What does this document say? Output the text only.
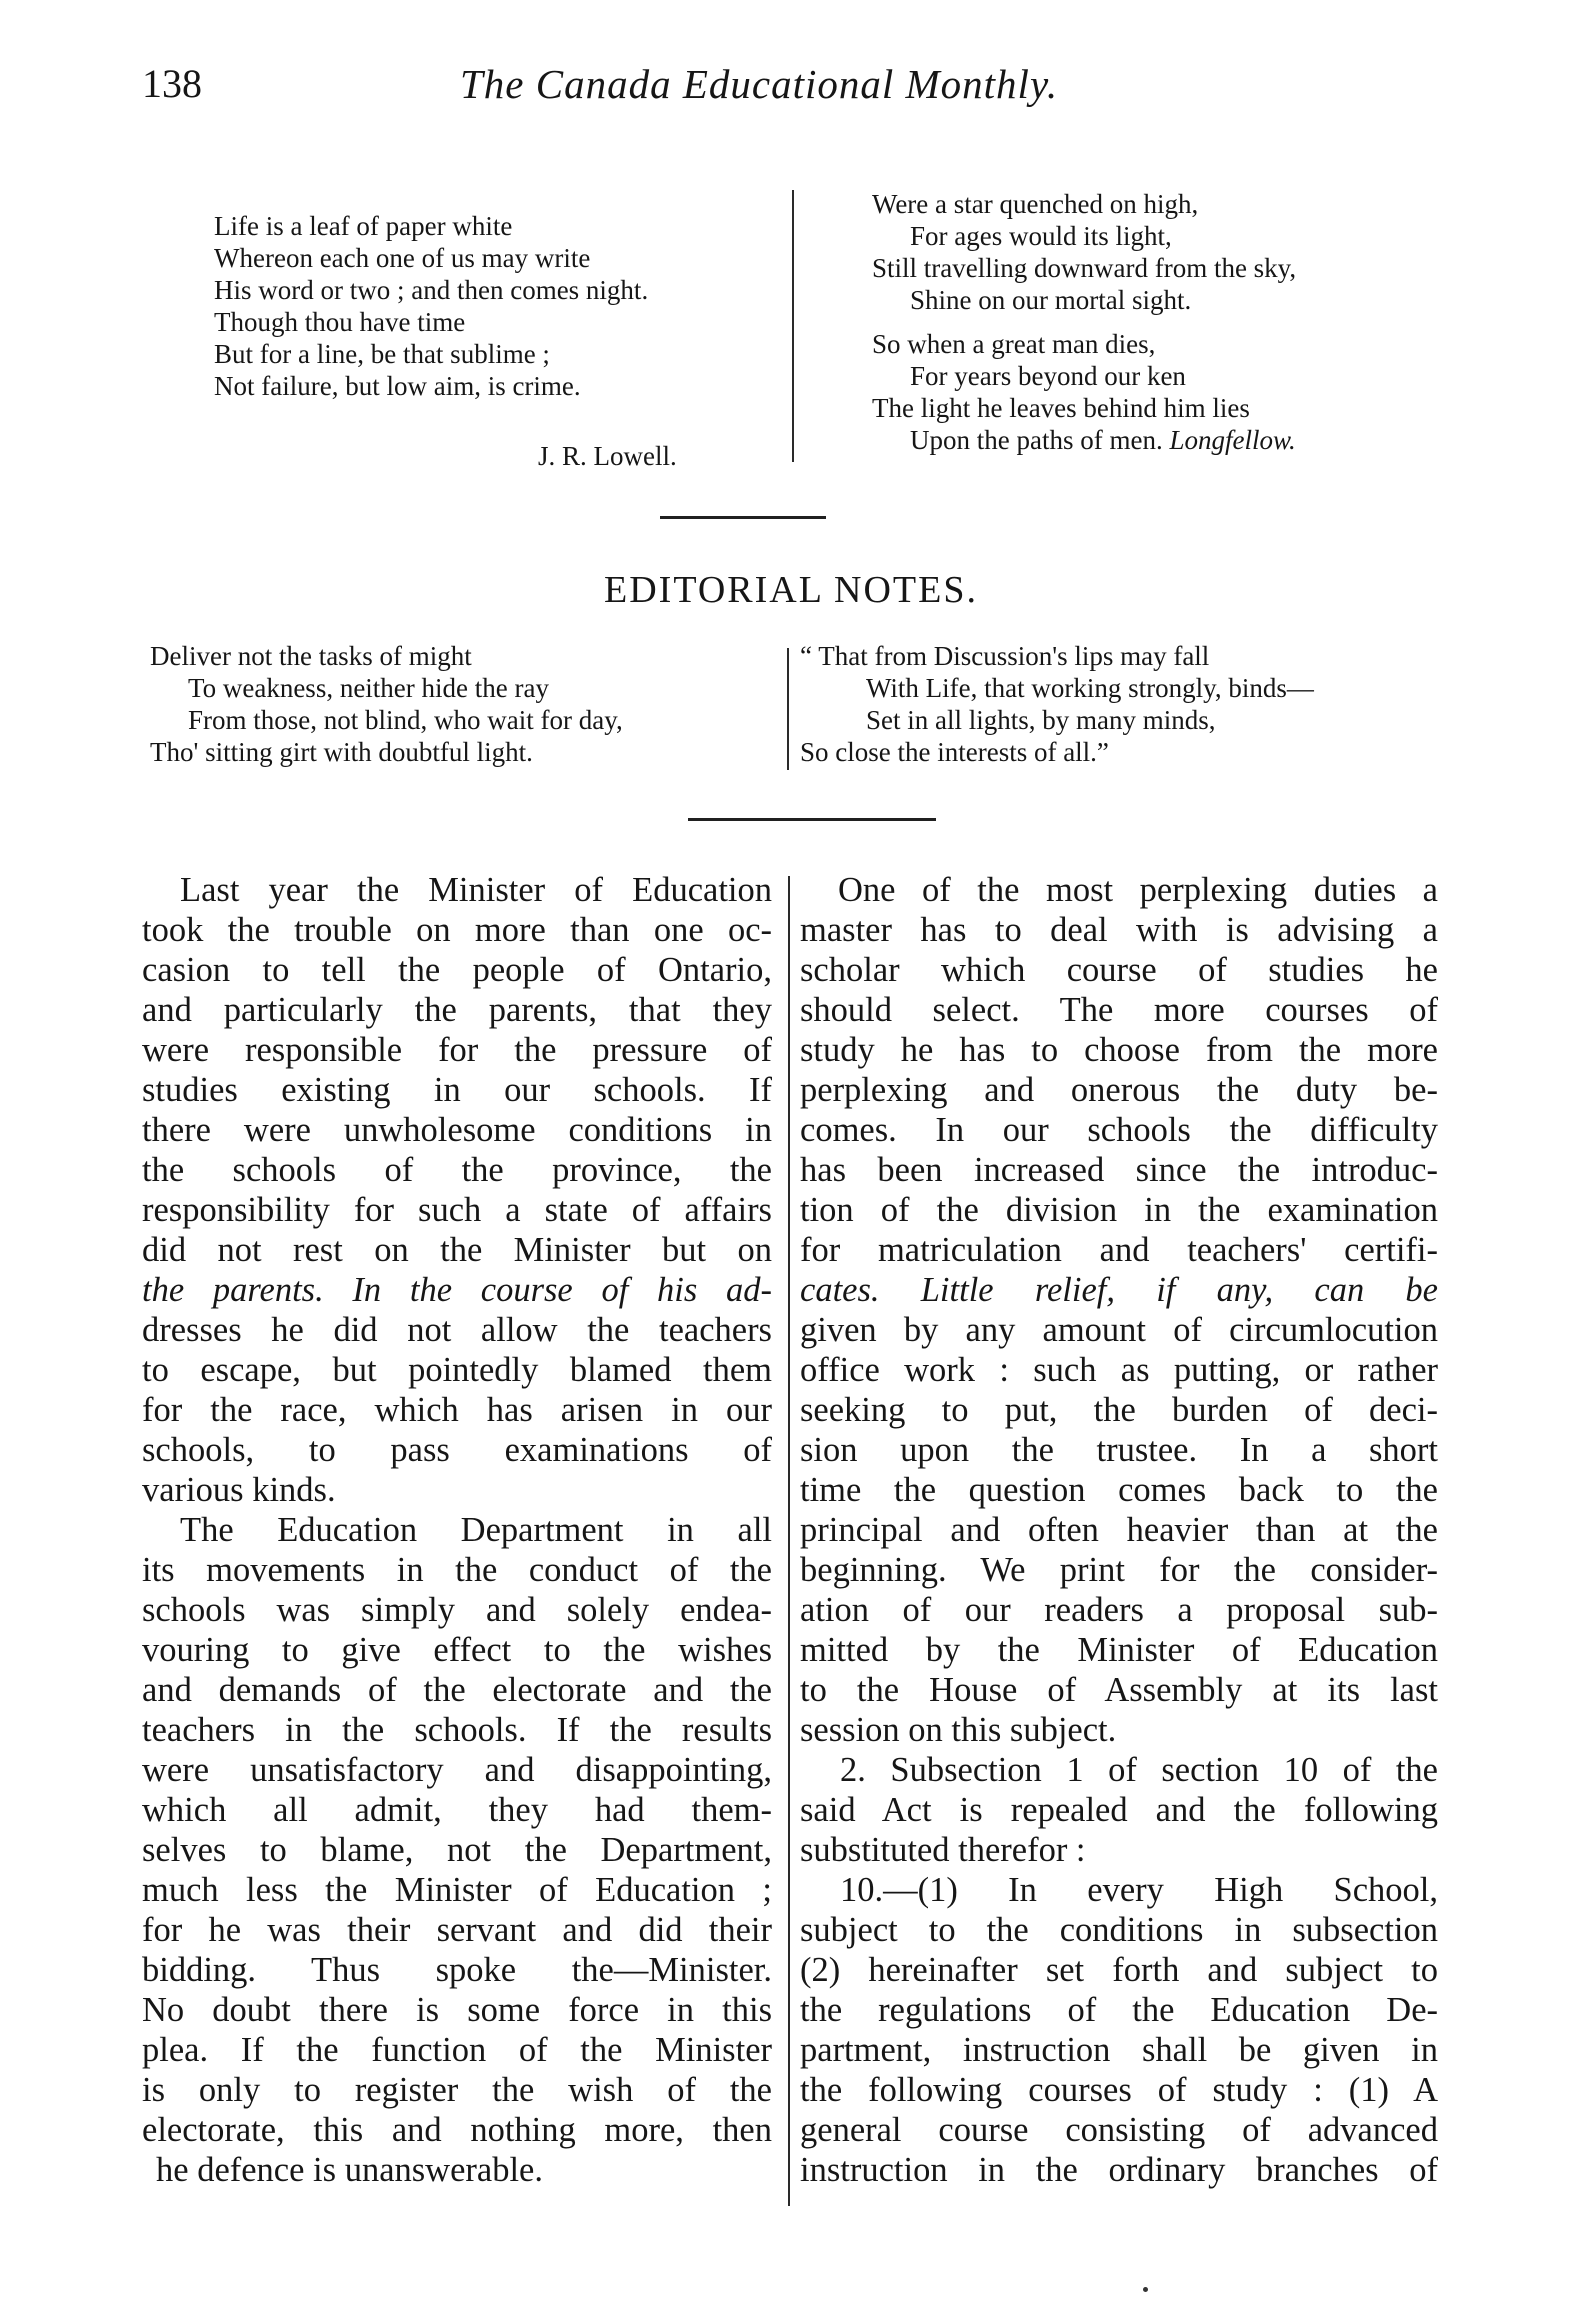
138	The Canada Educational Monthly.
Life is a leaf of paper white
Whereon each one of us may write
His word or two ; and then comes night.
Though thou have time
But for a line, be that sublime ;
Not failure, but low aim, is crime.
J. R. Lowell.
Were a star quenched on high,
For ages would its light,
Still travelling downward from the sky,
Shine on our mortal sight.
So when a great man dies,
For years beyond our ken
The light he leaves behind him lies
Upon the paths of men. Longfellow.
EDITORIAL NOTES.
Deliver not the tasks of might
To weakness, neither hide the ray
From those, not blind, who wait for day,
Tho' sitting girt with doubtful light.
“ That from Discussion's lips may fall
With Life, that working strongly, binds—
Set in all lights, by many minds,
So close the interests of all.”
Last year the Minister of Education
took the trouble on more than one oc-
casion to tell the people of Ontario,
and particularly the parents, that they
were responsible for the pressure of
studies existing in our schools. If
there were unwholesome conditions in
the schools of the province, the
responsibility for such a state of affairs
did not rest on the Minister but on
the parents. In the course of his ad-
dresses he did not allow the teachers
to escape, but pointedly blamed them
for the race, which has arisen in our
schools, to pass examinations of
various kinds.
The Education Department in all
its movements in the conduct of the
schools was simply and solely endea-
vouring to give effect to the wishes
and demands of the electorate and the
teachers in the schools. If the results
were unsatisfactory and disappointing,
which all admit, they had them-
selves to blame, not the Department,
much less the Minister of Education ;
for he was their servant and did their
bidding. Thus spoke the—Minister.
No doubt there is some force in this
plea. If the function of the Minister
is only to register the wish of the
electorate, this and nothing more, then
he defence is unanswerable.
One of the most perplexing duties a
master has to deal with is advising a
scholar which course of studies he
should select. The more courses of
study he has to choose from the more
perplexing and onerous the duty be-
comes. In our schools the difficulty
has been increased since the introduc-
tion of the division in the examination
for matriculation and teachers' certifi-
cates. Little relief, if any, can be
given by any amount of circumlocution
office work : such as putting, or rather
seeking to put, the burden of deci-
sion upon the trustee. In a short
time the question comes back to the
principal and often heavier than at the
beginning. We print for the consider-
ation of our readers a proposal sub-
mitted by the Minister of Education
to the House of Assembly at its last
session on this subject.
2. Subsection 1 of section 10 of the
said Act is repealed and the following
substituted therefor :
10.—(1) In every High School,
subject to the conditions in subsection
(2) hereinafter set forth and subject to
the regulations of the Education De-
partment, instruction shall be given in
the following courses of study : (1) A
general course consisting of advanced
instruction in the ordinary branches of
